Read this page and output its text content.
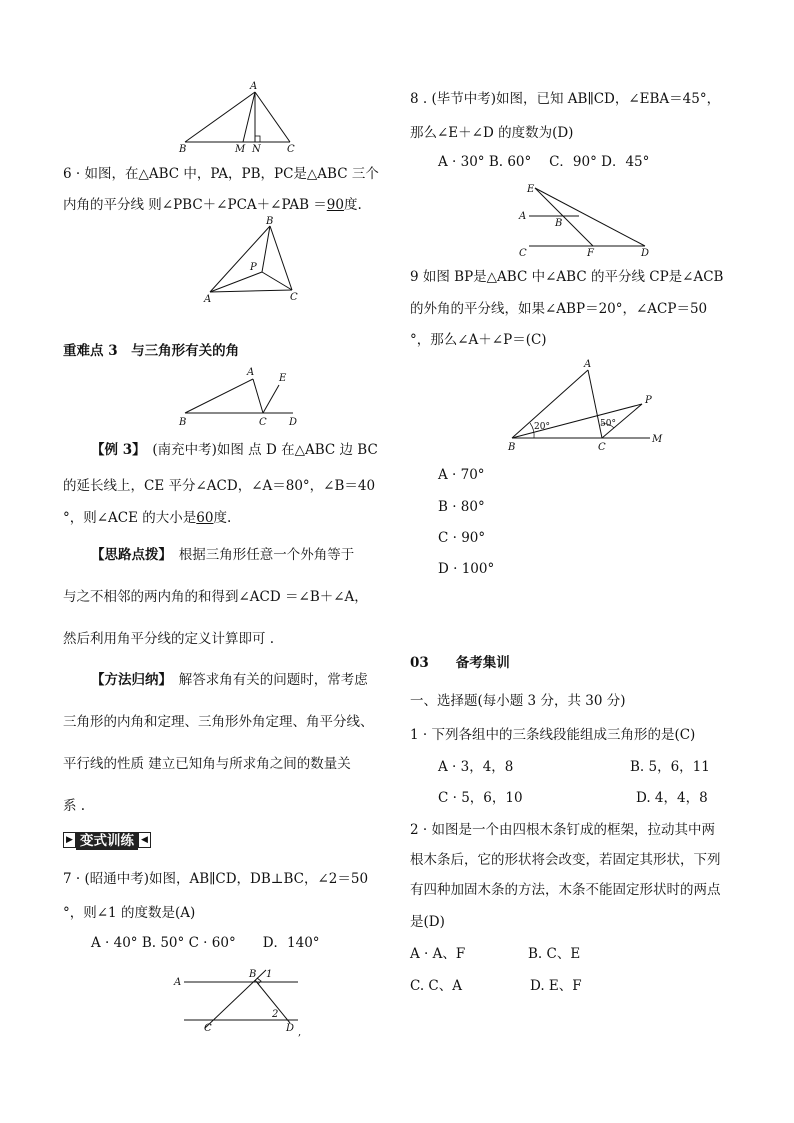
A
B	M N	C
6 · 如图，在△ABC 中，PA，PB，PC是△ABC 三个
内角的平分线 则∠PBC＋∠PCA＋∠PAB ＝90度.
B
P
A	C
重难点 3　 与三角形有关的角
A
E
B	C D
【例 3】　 (南充中考)如图 点 D 在△ABC 边 BC
的延长线上，CE 平分∠ACD，∠A＝80°，∠B＝40
°，则∠ACE 的大小是60度.
【思路点拨】　 根据三角形任意一个外角等于
与之不相邻的两内角的和得到∠ACD ＝∠B＋∠A，
然后利用角平分线的定义计算即可 .
【方法归纳】　 解答求角有关的问题时，常考虑
三角形的内角和定理、三角形外角定理、角平分线、
平行线的性质 建立已知角与所求角之间的数量关
系 .
▶ 变式训练 ◀
7 · (昭通中考)如图，AB∥CD，DB⊥BC，∠2＝50
°，则∠1 的度数是(A)
A · 40° B. 50° C · 60°　　D．140°
A
B 1
2
C	D ,
8 . (毕节中考)如图，已知 AB∥CD，∠EBA＝45°，
那么∠E＋∠D 的度数为(D)
A · 30° B. 60°　 C．90° D．45°
E
A
B
C	F	D
9 如图 BP是△ABC 中∠ABC 的平分线 CP是∠ACB
的外角的平分线，如果∠ABP＝20°，∠ACP＝50
°，那么∠A＋∠P＝(C)
A
P
20°	50°
B	C
M
A · 70°
B · 80°
C · 90°
D · 100°
03　　 备考集训
一、选择题(每小题 3 分，共 30 分)
1 · 下列各组中的三条线段能组成三角形的是(C)
A · 3，4，8	B. 5，6，11
C · 5，6，10	D. 4，4，8
2 · 如图是一个由四根木条钉成的框架，拉动其中两
根木条后，它的形状将会改变，若固定其形状，下列
有四种加固木条的方法，木条不能固定形状时的两点
是(D)
A · A、F	B. C、E
C. C、A	D. E、F
